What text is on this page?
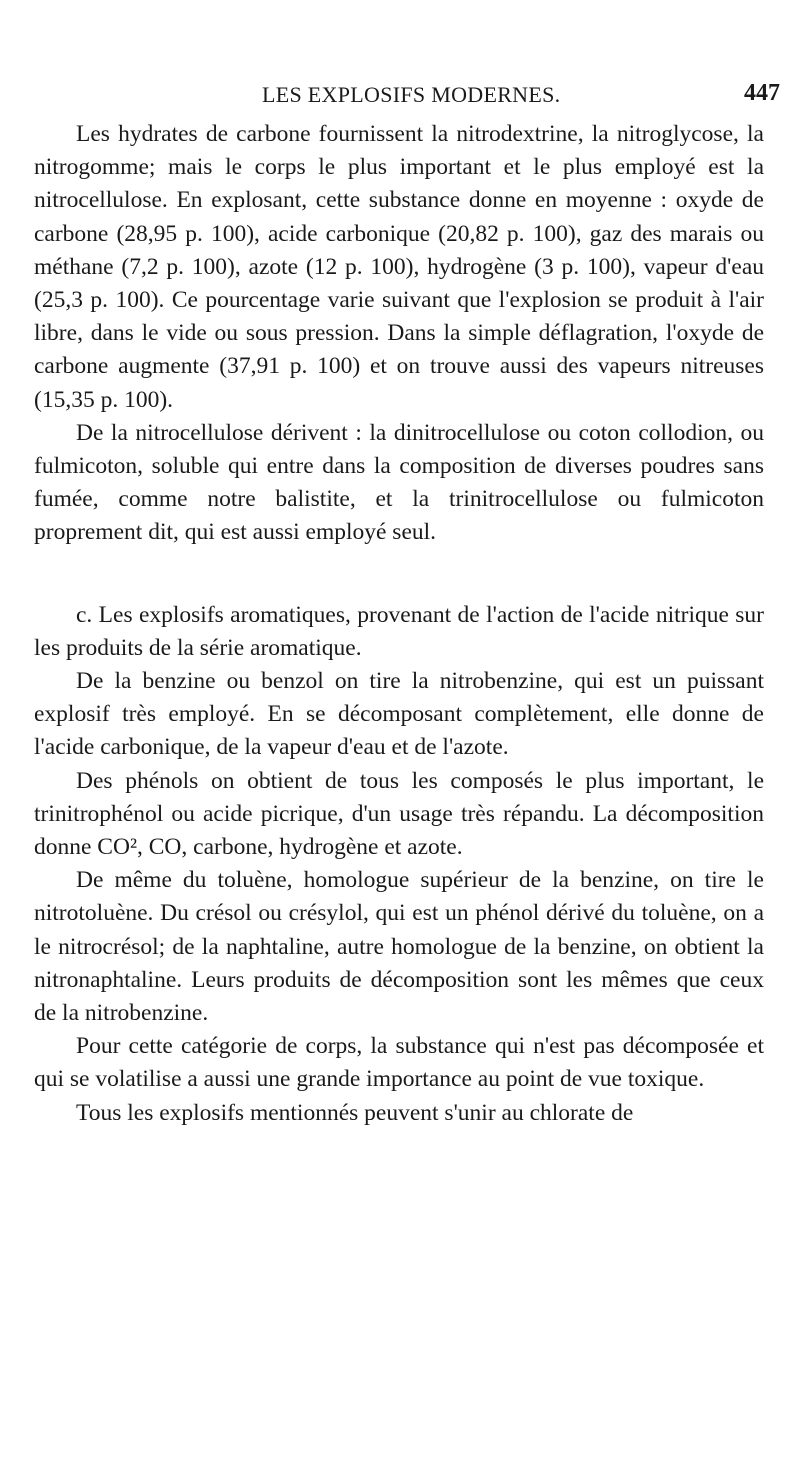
LES EXPLOSIFS MODERNES.	447

Les hydrates de carbone fournissent la nitrodextrine, la nitroglycose, la nitrogomme; mais le corps le plus important et le plus employé est la nitrocellulose. En explosant, cette substance donne en moyenne : oxyde de carbone (28,95 p. 100), acide carbonique (20,82 p. 100), gaz des marais ou méthane (7,2 p. 100), azote (12 p. 100), hydrogène (3 p. 100), vapeur d'eau (25,3 p. 100). Ce pourcentage varie suivant que l'explosion se produit à l'air libre, dans le vide ou sous pression. Dans la simple déflagration, l'oxyde de carbone augmente (37,91 p. 100) et on trouve aussi des vapeurs nitreuses (15,35 p. 100).

De la nitrocellulose dérivent : la dinitrocellulose ou coton collodion, ou fulmicoton, soluble qui entre dans la composition de diverses poudres sans fumée, comme notre balistite, et la trinitrocellulose ou fulmicoton proprement dit, qui est aussi employé seul.

c. Les explosifs aromatiques, provenant de l'action de l'acide nitrique sur les produits de la série aromatique.

De la benzine ou benzol on tire la nitrobenzine, qui est un puissant explosif très employé. En se décomposant complètement, elle donne de l'acide carbonique, de la vapeur d'eau et de l'azote.

Des phénols on obtient de tous les composés le plus important, le trinitrophénol ou acide picrique, d'un usage très répandu. La décomposition donne CO², CO, carbone, hydrogène et azote.

De même du toluène, homologue supérieur de la benzine, on tire le nitrotoluène. Du crésol ou crésylol, qui est un phénol dérivé du toluène, on a le nitrocrésol; de la naphtaline, autre homologue de la benzine, on obtient la nitronaphtaline. Leurs produits de décomposition sont les mêmes que ceux de la nitrobenzine.

Pour cette catégorie de corps, la substance qui n'est pas décomposée et qui se volatilise a aussi une grande importance au point de vue toxique.

Tous les explosifs mentionnés peuvent s'unir au chlorate de
